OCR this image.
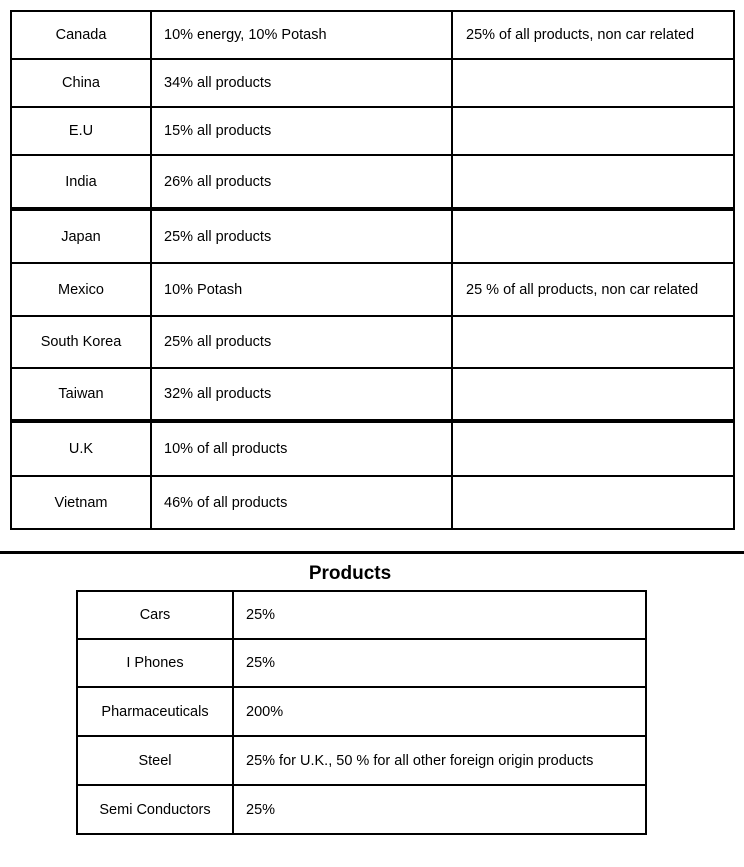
Canada	10% energy, 10% Potash	25% of all products, non car related
China	34% all products	
E.U	15% all products	
India	26% all products	
Japan	25% all products	
Mexico	10% Potash	25 % of all products, non car related
South Korea	25% all products	
Taiwan	32% all products	
U.K	10% of all products	
Vietnam	46% of all products	
Products
Cars	25%
I Phones	25%
Pharmaceuticals	200%
Steel	25% for U.K., 50 % for all other foreign origin products
Semi Conductors	25%
